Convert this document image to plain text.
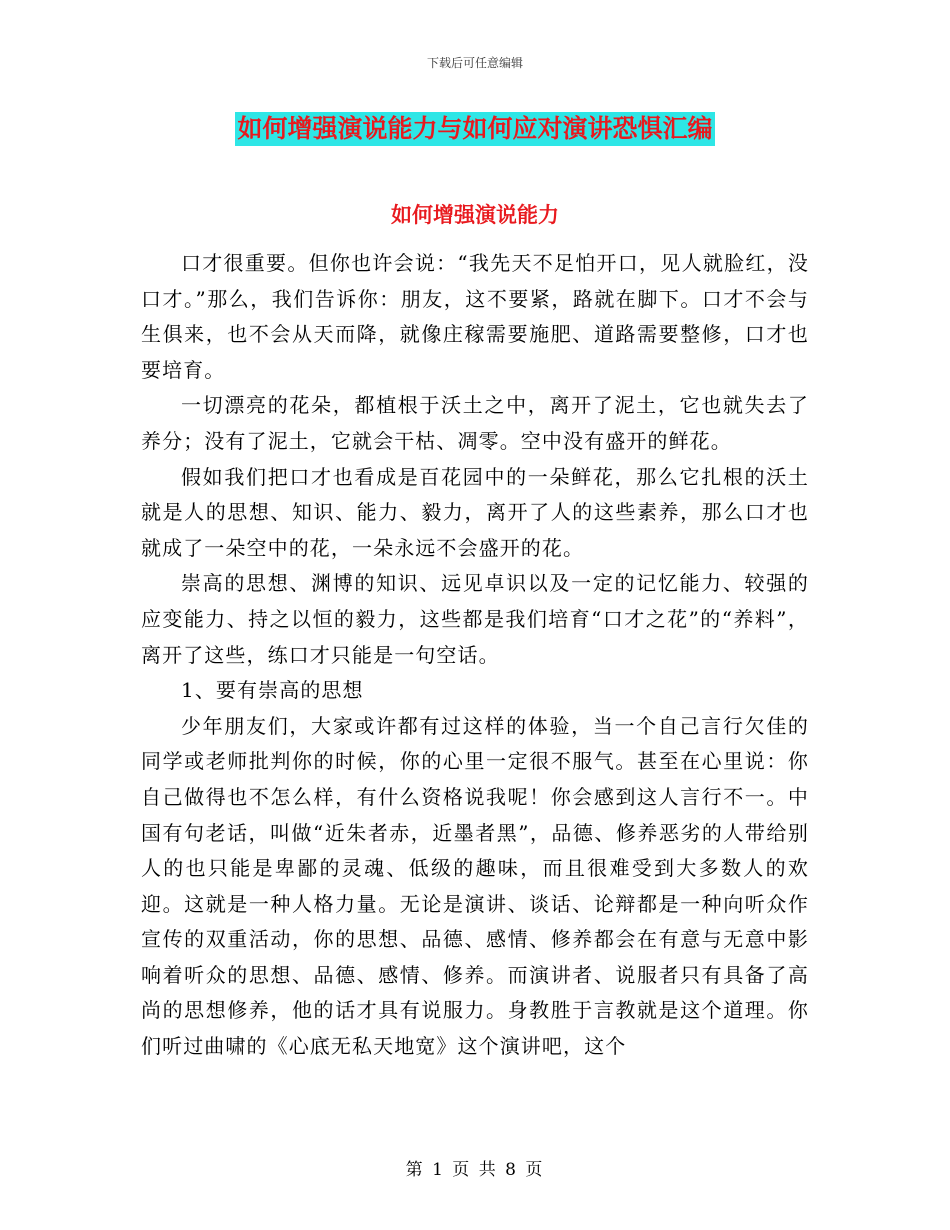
下载后可任意编辑
如何增强演说能力与如何应对演讲恐惧汇编
如何增强演说能力

口才很重要。但你也许会说：“我先天不足怕开口，见人就脸红，没口才。”那么，我们告诉你：朋友，这不要紧，路就在脚下。口才不会与生俱来，也不会从天而降，就像庄稼需要施肥、道路需要整修，口才也要培育。

一切漂亮的花朵，都植根于沃土之中，离开了泥土，它也就失去了养分；没有了泥土，它就会干枯、凋零。空中没有盛开的鲜花。

假如我们把口才也看成是百花园中的一朵鲜花，那么它扎根的沃土就是人的思想、知识、能力、毅力，离开了人的这些素养，那么口才也就成了一朵空中的花，一朵永远不会盛开的花。

崇高的思想、渊博的知识、远见卓识以及一定的记忆能力、较强的应变能力、持之以恒的毅力，这些都是我们培育“口才之花”的“养料”，离开了这些，练口才只能是一句空话。

1、要有崇高的思想

少年朋友们，大家或许都有过这样的体验，当一个自己言行欠佳的同学或老师批判你的时候，你的心里一定很不服气。甚至在心里说：你自己做得也不怎么样，有什么资格说我呢！你会感到这人言行不一。中国有句老话，叫做“近朱者赤，近墨者黑”，品德、修养恶劣的人带给别人的也只能是卑鄙的灵魂、低级的趣味，而且很难受到大多数人的欢迎。这就是一种人格力量。无论是演讲、谈话、论辩都是一种向听众作宣传的双重活动，你的思想、品德、感情、修养都会在有意与无意中影响着听众的思想、品德、感情、修养。而演讲者、说服者只有具备了高尚的思想修养，他的话才具有说服力。身教胜于言教就是这个道理。你们听过曲啸的《心底无私天地宽》这个演讲吧，这个

第 1 页 共 8 页
